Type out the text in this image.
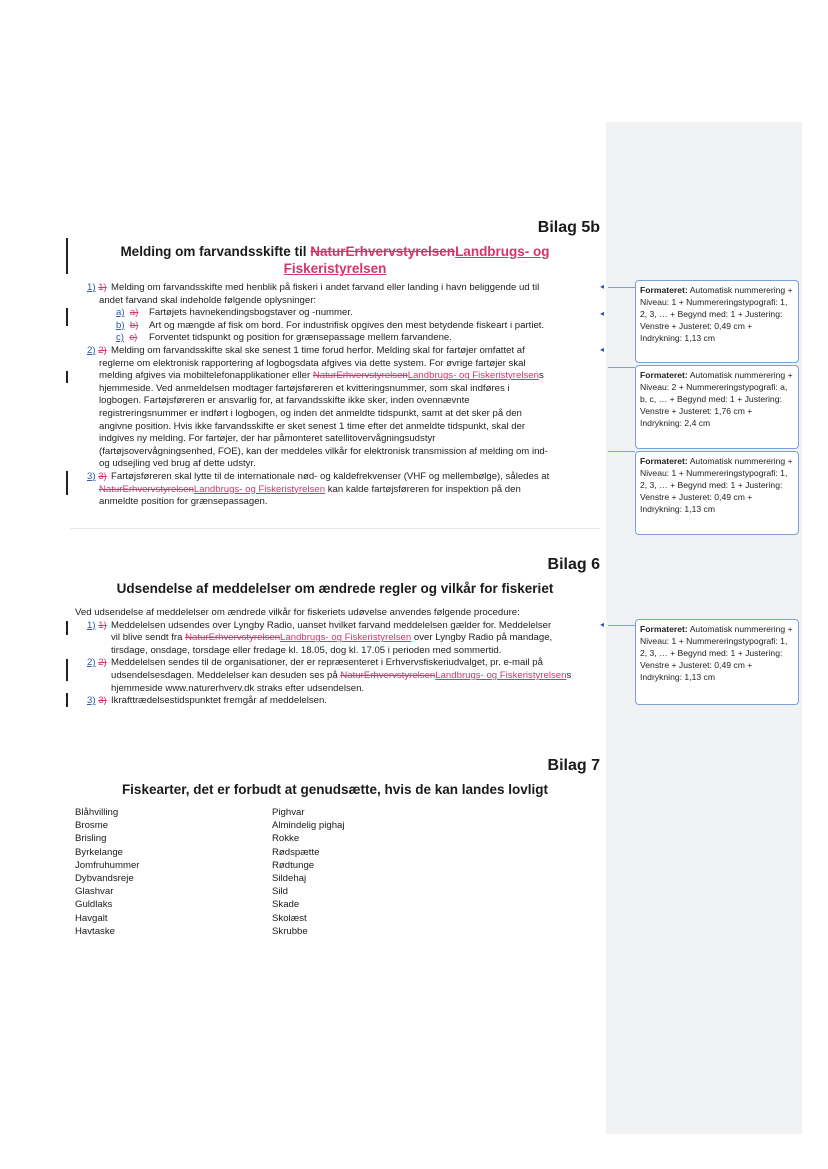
Bilag 5b
Melding om farvandsskifte til NaturErhvervstyrelsenLandbrugs- og
Fiskeristyrelsen
1) 1) Melding om farvandsskifte med henblik på fiskeri i andet farvand eller landing i havn beliggende ud til
andet farvand skal indeholde følgende oplysninger:
a) a) Fartøjets havnekendingsbogstaver og -nummer.
b) b) Art og mængde af fisk om bord. For industrifisk opgives den mest betydende fiskeart i partiet.
c) c) Forventet tidspunkt og position for grænsepassage mellem farvandene.
2) 2) Melding om farvandsskifte skal ske senest 1 time forud herfor. Melding skal for fartøjer omfattet af
reglerne om elektronisk rapportering af logbogsdata afgives via dette system. For øvrige fartøjer skal
melding afgives via mobiltelefonapplikationer eller NaturErhvervstyrelsenLandbrugs- og Fiskeristyrelsens
hjemmeside. Ved anmeldelsen modtager fartøjsføreren et kvitteringsnummer, som skal indføres i
logbogen. Fartøjsføreren er ansvarlig for, at farvandsskifte ikke sker, inden ovennævnte
registreringsnummer er indført i logbogen, og inden det anmeldte tidspunkt, samt at det sker på den
angivne position. Hvis ikke farvandsskifte er sket senest 1 time efter det anmeldte tidspunkt, skal der
indgives ny melding. For fartøjer, der har påmonteret satellitovervågningsudstyr
(fartøjsovervågningsenhed, FOE), kan der meddeles vilkår for elektronisk transmission af melding om ind-
og udsejling ved brug af dette udstyr.
3) 3) Fartøjsføreren skal lytte til de internationale nød- og kaldefrekvenser (VHF og mellembølge), således at
NaturErhvervstyrelsenLandbrugs- og Fiskeristyrelsen kan kalde fartøjsføreren for inspektion på den
anmeldte position for grænsepassagen.
Bilag 6
Udsendelse af meddelelser om ændrede regler og vilkår for fiskeriet
Ved udsendelse af meddelelser om ændrede vilkår for fiskeriets udøvelse anvendes følgende procedure:
1) 1) Meddelelsen udsendes over Lyngby Radio, uanset hvilket farvand meddelelsen gælder for. Meddelelser
vil blive sendt fra NaturErhvervstyrelsenLandbrugs- og Fiskeristyrelsen over Lyngby Radio på mandage,
tirsdage, onsdage, torsdage eller fredage kl. 18.05, dog kl. 17.05 i perioden med sommertid.
2) 2) Meddelelsen sendes til de organisationer, der er repræsenteret i Erhvervsfiskeriudvalget, pr. e-mail på
udsendelsesdagen. Meddelelser kan desuden ses på NaturErhvervstyrelsenLandbrugs- og Fiskeristyrelsens
hjemmeside www.naturerhverv.dk straks efter udsendelsen.
3) 3) Ikrafttrædelsestidspunktet fremgår af meddelelsen.
Bilag 7
Fiskearter, det er forbudt at genudsætte, hvis de kan landes lovligt
Blåhvilling
Brosme
Brisling
Byrkelange
Jomfruhummer
Dybvandsreje
Glashvar
Guldlaks
Havgalt
Havtaske
Pighvar
Almindelig pighaj
Rokke
Rødspætte
Rødtunge
Sildehaj
Sild
Skade
Skolæst
Skrubbe
◂
◂
◂
◂
Formateret: Automatisk nummerering + Niveau: 1 + Nummereringstypografi: 1, 2, 3, … + Begynd med: 1 + Justering: Venstre + Justeret: 0,49 cm + Indrykning: 1,13 cm
Formateret: Automatisk nummerering + Niveau: 2 + Nummereringstypografi: a, b, c, … + Begynd med: 1 + Justering: Venstre + Justeret: 1,76 cm + Indrykning: 2,4 cm
Formateret: Automatisk nummerering + Niveau: 1 + Nummereringstypografi: 1, 2, 3, … + Begynd med: 1 + Justering: Venstre + Justeret: 0,49 cm + Indrykning: 1,13 cm
Formateret: Automatisk nummerering + Niveau: 1 + Nummereringstypografi: 1, 2, 3, … + Begynd med: 1 + Justering: Venstre + Justeret: 0,49 cm + Indrykning: 1,13 cm
